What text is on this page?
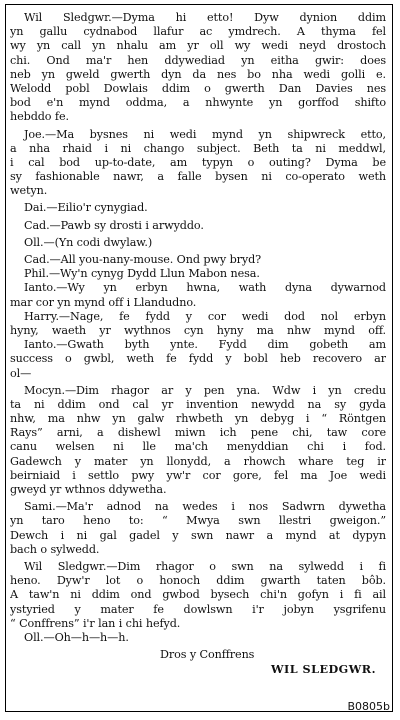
Wil Sledgwr.—Dyma hi etto! Dyw dynion ddim
yn gallu cydnabod llafur ac ymdrech. A thyma fel
wy yn call yn nhalu am yr oll wy wedi neyd drostoch
chi. Ond ma'r hen ddywediad yn eitha gwir: does
neb yn gweld gwerth dyn da nes bo nha wedi golli e.
Welodd pobl Dowlais ddim o gwerth Dan Davies nes
bod e'n mynd oddma, a nhwynte yn gorffod shifto
hebddo fe.
Joe.—Ma bysnes ni wedi mynd yn shipwreck etto,
a nha rhaid i ni chango subject. Beth ta ni meddwl,
i cal bod up-to-date, am typyn o outing? Dyma be
sy fashionable nawr, a falle bysen ni co-operato weth
wetyn.
Dai.—Eilio'r cynygiad.
Cad.—Pawb sy drosti i arwyddo.
Oll.—(Yn codi dwylaw.)
Cad.—All you-nany-mouse. Ond pwy bryd?
Phil.—Wy'n cynyg Dydd Llun Mabon nesa.
Ianto.—Wy yn erbyn hwna, wath dyna dywarnod
mar cor yn mynd off i Llandudno.
Harry.—Nage, fe fydd y cor wedi dod nol erbyn
hyny, waeth yr wythnos cyn hyny ma nhw mynd off.
Ianto.—Gwath byth ynte. Fydd dim gobeth am
success o gwbl, weth fe fydd y bobl heb recovero ar
ol—
Mocyn.—Dim rhagor ar y pen yna. Wdw i yn credu
ta ni ddim ond cal yr invention newydd na sy gyda
nhw, ma nhw yn galw rhwbeth yn debyg i “ Röntgen
Rays” arni, a dishewl miwn ich pene chi, taw core
canu welsen ni lle ma'ch menyddian chi i fod.
Gadewch y mater yn llonydd, a rhowch whare teg ir
beirniaid i settlo pwy yw'r cor gore, fel ma Joe wedi
gweyd yr wthnos ddywetha.
Sami.—Ma'r adnod na wedes i nos Sadwrn dywetha
yn taro heno to: “ Mwya swn llestri gweigon.”
Dewch i ni gal gadel y swn nawr a mynd at dypyn
bach o sylwedd.
Wil Sledgwr.—Dim rhagor o swn na sylwedd i fi
heno. Dyw'r lot o honoch ddim gwarth taten bôb.
A taw'n ni ddim ond gwbod bysech chi'n gofyn i fi ail
ystyried y mater fe dowlswn i'r jobyn ysgrifenu
“ Conffrens” i'r lan i chi hefyd.
Oll.—Oh—h—h—h.
Dros y Conffrens
WIL SLEDGWR.
B0805b
